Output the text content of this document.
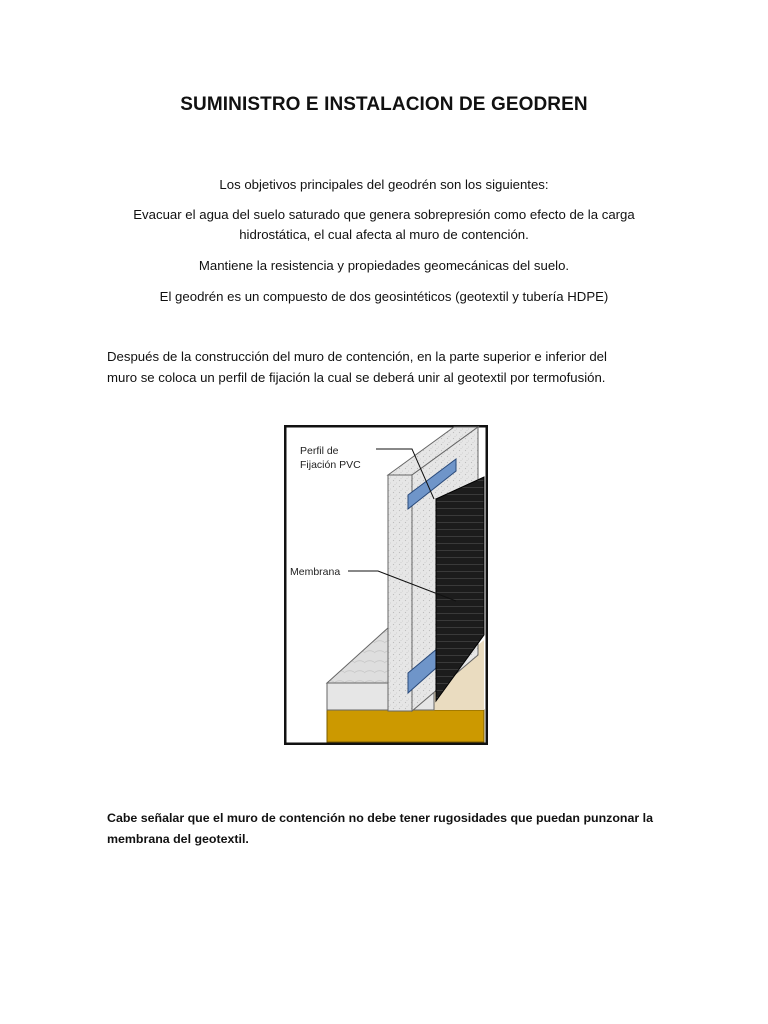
SUMINISTRO E INSTALACION DE GEODREN
Los objetivos principales del geodrén son los siguientes:
Evacuar el agua del suelo saturado que genera sobrepresión como efecto de la carga
hidrostática, el cual afecta al muro de contención.
Mantiene la resistencia y propiedades geomecánicas del suelo.
El geodrén es un compuesto de dos geosintéticos (geotextil y tubería HDPE)
Después de la construcción del muro de contención, en la parte superior e inferior del
muro se coloca un perfil de fijación la cual se deberá unir al geotextil por termofusión.
Perfil de
Fijación PVC
Membrana
Cabe señalar que el muro de contención no debe tener rugosidades que puedan punzonar la
membrana del geotextil.
